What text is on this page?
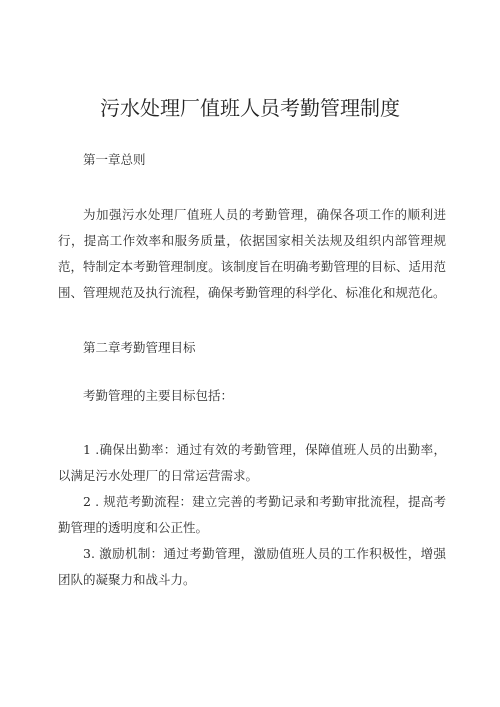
污水处理厂值班人员考勤管理制度
第一章总则
为加强污水处理厂值班人员的考勤管理，确保各项工作的顺利进行，提高工作效率和服务质量，依据国家相关法规及组织内部管理规范，特制定本考勤管理制度。该制度旨在明确考勤管理的目标、适用范围、管理规范及执行流程，确保考勤管理的科学化、标准化和规范化。
第二章考勤管理目标
考勤管理的主要目标包括：
1 .确保出勤率：通过有效的考勤管理，保障值班人员的出勤率，以满足污水处理厂的日常运营需求。
2 . 规范考勤流程：建立完善的考勤记录和考勤审批流程，提高考勤管理的透明度和公正性。
3. 激励机制：通过考勤管理，激励值班人员的工作积极性，增强团队的凝聚力和战斗力。
